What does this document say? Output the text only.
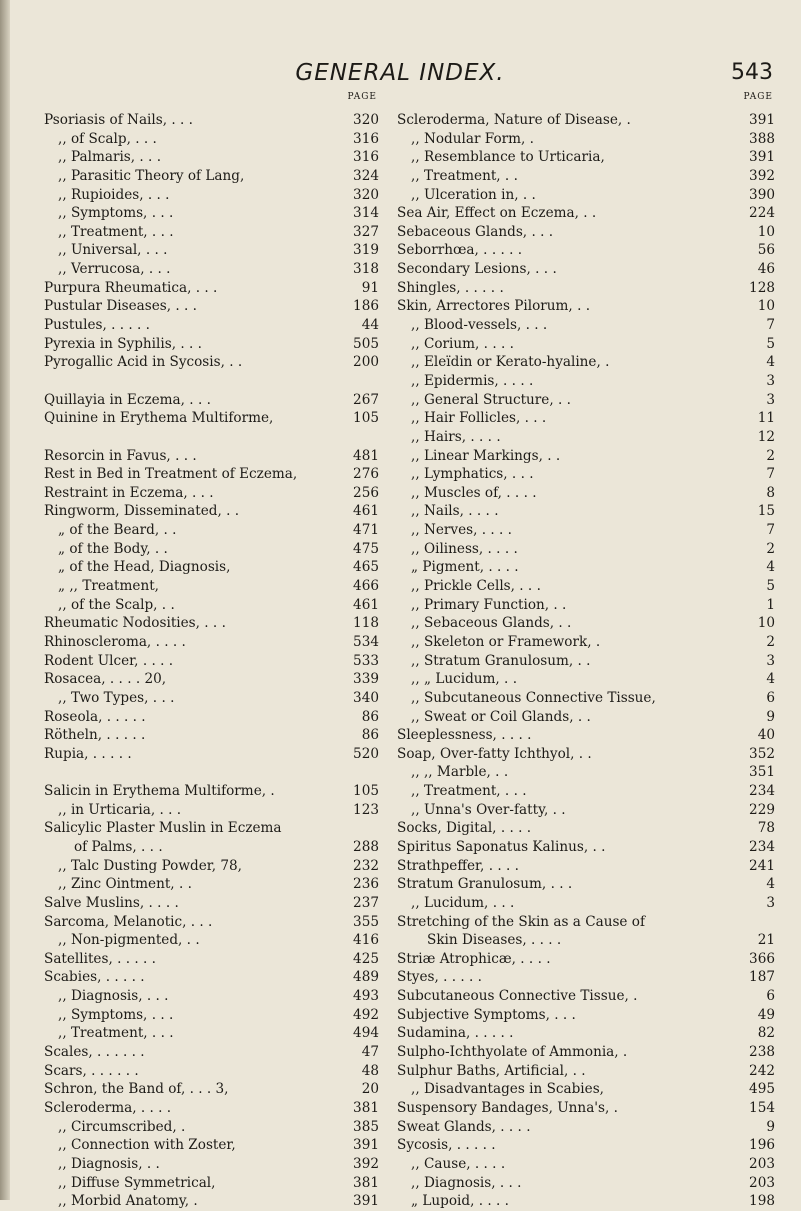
GENERAL INDEX.	543
PAGE
Psoriasis of Nails, . . .	320
,, of Scalp, . . .	316
,, Palmaris, . . .	316
,, Parasitic Theory of Lang,	324
,, Rupioides, . . .	320
,, Symptoms, . . .	314
,, Treatment, . . .	327
,, Universal, . . .	319
,, Verrucosa, . . .	318
Purpura Rheumatica, . . .	91
Pustular Diseases, . . .	186
Pustules, . . . . .	44
Pyrexia in Syphilis, . . .	505
Pyrogallic Acid in Sycosis, . .	200
Quillayia in Eczema, . . .	267
Quinine in Erythema Multiforme,	105
Resorcin in Favus, . . .	481
Rest in Bed in Treatment of Eczema,	276
Restraint in Eczema, . . .	256
Ringworm, Disseminated, . .	461
„ of the Beard, . .	471
„ of the Body, . .	475
„ of the Head, Diagnosis,	465
„ ,, Treatment,	466
,, of the Scalp, . .	461
Rheumatic Nodosities, . . .	118
Rhinoscleroma, . . . .	534
Rodent Ulcer, . . . .	533
Rosacea, . . . . 20,	339
,, Two Types, . . .	340
Roseola, . . . . .	86
Rötheln, . . . . .	86
Rupia, . . . . .	520
Salicin in Erythema Multiforme, .	105
,, in Urticaria, . . .	123
Salicylic Plaster Muslin in Eczema
of Palms, . . .	288
,, Talc Dusting Powder, 78,	232
,, Zinc Ointment, . .	236
Salve Muslins, . . . .	237
Sarcoma, Melanotic, . . .	355
,, Non-pigmented, . .	416
Satellites, . . . . .	425
Scabies, . . . . .	489
,, Diagnosis, . . .	493
,, Symptoms, . . .	492
,, Treatment, . . .	494
Scales, . . . . . .	47
Scars, . . . . . .	48
Schron, the Band of, . . . 3,	20
Scleroderma, . . . .	381
,, Circumscribed, .	385
,, Connection with Zoster,	391
,, Diagnosis, . .	392
,, Diffuse Symmetrical,	381
,, Morbid Anatomy, .	391
PAGE
Scleroderma, Nature of Disease, .	391
,, Nodular Form, .	388
,, Resemblance to Urticaria,	391
,, Treatment, . .	392
,, Ulceration in, . .	390
Sea Air, Effect on Eczema, . .	224
Sebaceous Glands, . . .	10
Seborrhœa, . . . . .	56
Secondary Lesions, . . .	46
Shingles, . . . . .	128
Skin, Arrectores Pilorum, . .	10
,, Blood-vessels, . . .	7
,, Corium, . . . .	5
,, Eleïdin or Kerato-hyaline, .	4
,, Epidermis, . . . .	3
,, General Structure, . .	3
,, Hair Follicles, . . .	11
,, Hairs, . . . .	12
,, Linear Markings, . .	2
,, Lymphatics, . . .	7
,, Muscles of, . . . .	8
,, Nails, . . . .	15
,, Nerves, . . . .	7
,, Oiliness, . . . .	2
„ Pigment, . . . .	4
,, Prickle Cells, . . .	5
,, Primary Function, . .	1
,, Sebaceous Glands, . .	10
,, Skeleton or Framework, .	2
,, Stratum Granulosum, . .	3
,, „ Lucidum, . .	4
,, Subcutaneous Connective Tissue,	6
,, Sweat or Coil Glands, . .	9
Sleeplessness, . . . .	40
Soap, Over-fatty Ichthyol, . .	352
,, ,, Marble, . .	351
,, Treatment, . . .	234
,, Unna's Over-fatty, . .	229
Socks, Digital, . . . .	78
Spiritus Saponatus Kalinus, . .	234
Strathpeffer, . . . .	241
Stratum Granulosum, . . .	4
,, Lucidum, . . .	3
Stretching of the Skin as a Cause of
Skin Diseases, . . . .	21
Striæ Atrophicæ, . . . .	366
Styes, . . . . .	187
Subcutaneous Connective Tissue, .	6
Subjective Symptoms, . . .	49
Sudamina, . . . . .	82
Sulpho-Ichthyolate of Ammonia, .	238
Sulphur Baths, Artificial, . .	242
,, Disadvantages in Scabies,	495
Suspensory Bandages, Unna's, .	154
Sweat Glands, . . . .	9
Sycosis, . . . . .	196
,, Cause, . . . .	203
,, Diagnosis, . . .	203
„ Lupoid, . . . .	198
